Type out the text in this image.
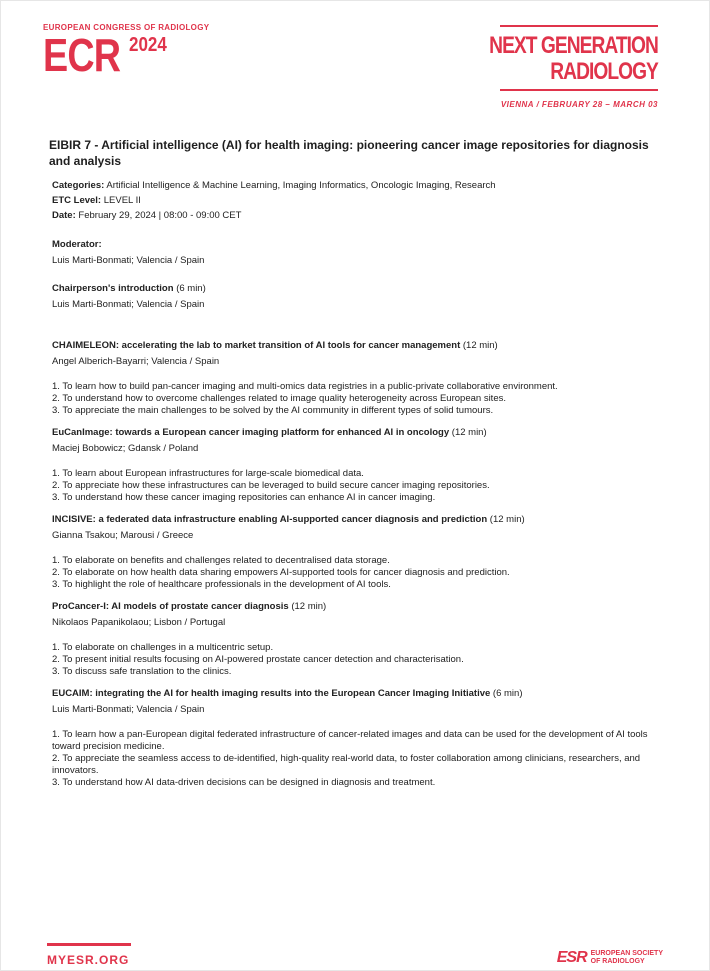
EUROPEAN CONGRESS OF RADIOLOGY
ECR 2024	NEXT GENERATION
RADIOLOGY
VIENNA / FEBRUARY 28 – MARCH 03
EIBIR 7 - Artificial intelligence (AI) for health imaging: pioneering cancer image repositories for diagnosis and analysis
Categories: Artificial Intelligence & Machine Learning, Imaging Informatics, Oncologic Imaging, Research
ETC Level: LEVEL II
Date: February 29, 2024 | 08:00 - 09:00 CET
Moderator:
Luis Marti-Bonmati; Valencia / Spain
Chairperson's introduction (6 min)
Luis Marti-Bonmati; Valencia / Spain
CHAIMELEON: accelerating the lab to market transition of AI tools for cancer management (12 min)
Angel Alberich-Bayarri; Valencia / Spain
1. To learn how to build pan-cancer imaging and multi-omics data registries in a public-private collaborative environment.
2. To understand how to overcome challenges related to image quality heterogeneity across European sites.
3. To appreciate the main challenges to be solved by the AI community in different types of solid tumours.
EuCanImage: towards a European cancer imaging platform for enhanced AI in oncology (12 min)
Maciej Bobowicz; Gdansk / Poland
1. To learn about European infrastructures for large-scale biomedical data.
2. To appreciate how these infrastructures can be leveraged to build secure cancer imaging repositories.
3. To understand how these cancer imaging repositories can enhance AI in cancer imaging.
INCISIVE: a federated data infrastructure enabling AI-supported cancer diagnosis and prediction (12 min)
Gianna Tsakou; Marousi / Greece
1. To elaborate on benefits and challenges related to decentralised data storage.
2. To elaborate on how health data sharing empowers AI-supported tools for cancer diagnosis and prediction.
3. To highlight the role of healthcare professionals in the development of AI tools.
ProCancer-I: AI models of prostate cancer diagnosis (12 min)
Nikolaos Papanikolaou; Lisbon / Portugal
1. To elaborate on challenges in a multicentric setup.
2. To present initial results focusing on AI-powered prostate cancer detection and characterisation.
3. To discuss safe translation to the clinics.
EUCAIM: integrating the AI for health imaging results into the European Cancer Imaging Initiative (6 min)
Luis Marti-Bonmati; Valencia / Spain
1. To learn how a pan-European digital federated infrastructure of cancer-related images and data can be used for the development of AI tools toward precision medicine.
2. To appreciate the seamless access to de-identified, high-quality real-world data, to foster collaboration among clinicians, researchers, and innovators.
3. To understand how AI data-driven decisions can be designed in diagnosis and treatment.
MYESR.ORG	ESR EUROPEAN SOCIETY
OF RADIOLOGY
